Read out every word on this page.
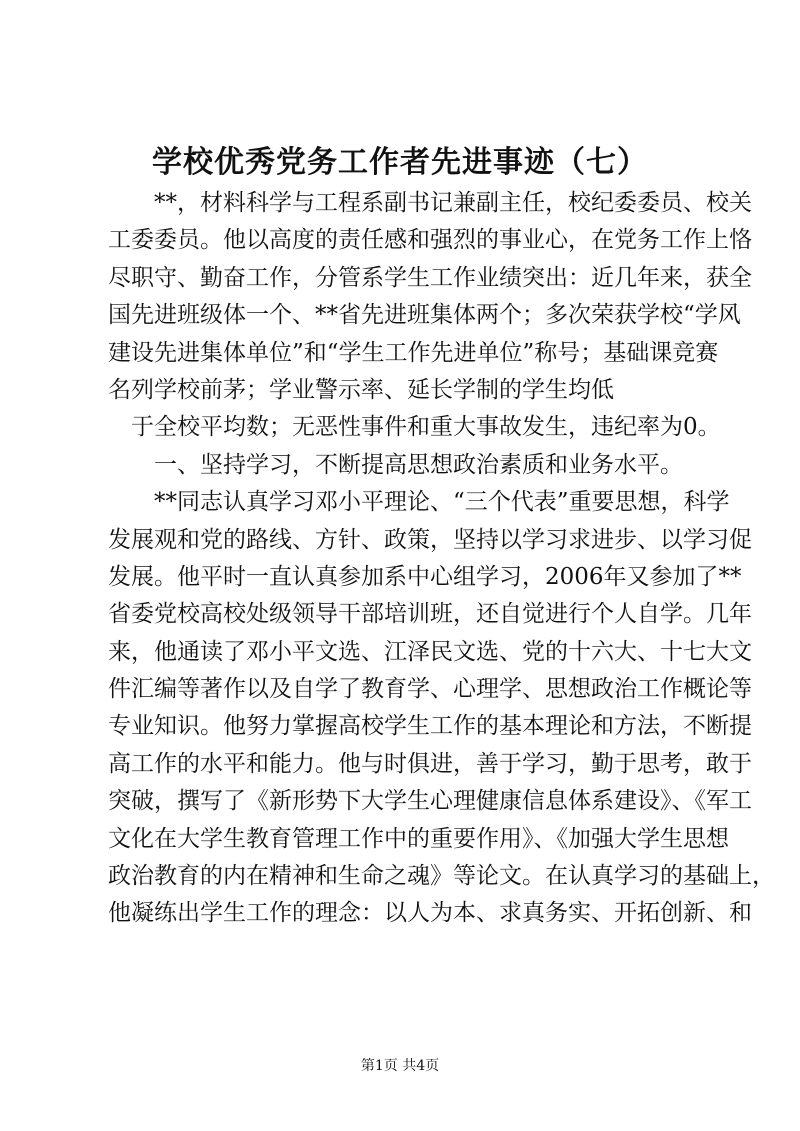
学校优秀党务工作者先进事迹（七）
　　**，材料科学与工程系副书记兼副主任，校纪委委员、校关
工委委员。他以高度的责任感和强烈的事业心，在党务工作上恪
尽职守、勤奋工作，分管系学生工作业绩突出：近几年来，获全
国先进班级体一个、**省先进班集体两个；多次荣获学校“学风
建设先进集体单位”和“学生工作先进单位”称号；基础课竞赛
名列学校前茅；学业警示率、延长学制的学生均低
　于全校平均数；无恶性事件和重大事故发生，违纪率为0。
　　一、坚持学习，不断提高思想政治素质和业务水平。
　　**同志认真学习邓小平理论、“三个代表”重要思想，科学
发展观和党的路线、方针、政策，坚持以学习求进步、以学习促
发展。他平时一直认真参加系中心组学习，2006年又参加了**
省委党校高校处级领导干部培训班，还自觉进行个人自学。几年
来，他通读了邓小平文选、江泽民文选、党的十六大、十七大文
件汇编等著作以及自学了教育学、心理学、思想政治工作概论等
专业知识。他努力掌握高校学生工作的基本理论和方法，不断提
高工作的水平和能力。他与时俱进，善于学习，勤于思考，敢于
突破，撰写了《新形势下大学生心理健康信息体系建设》、《军工
文化在大学生教育管理工作中的重要作用》、《加强大学生思想
政治教育的内在精神和生命之魂》等论文。在认真学习的基础上，
他凝练出学生工作的理念：以人为本、求真务实、开拓创新、和
第1页 共4页
